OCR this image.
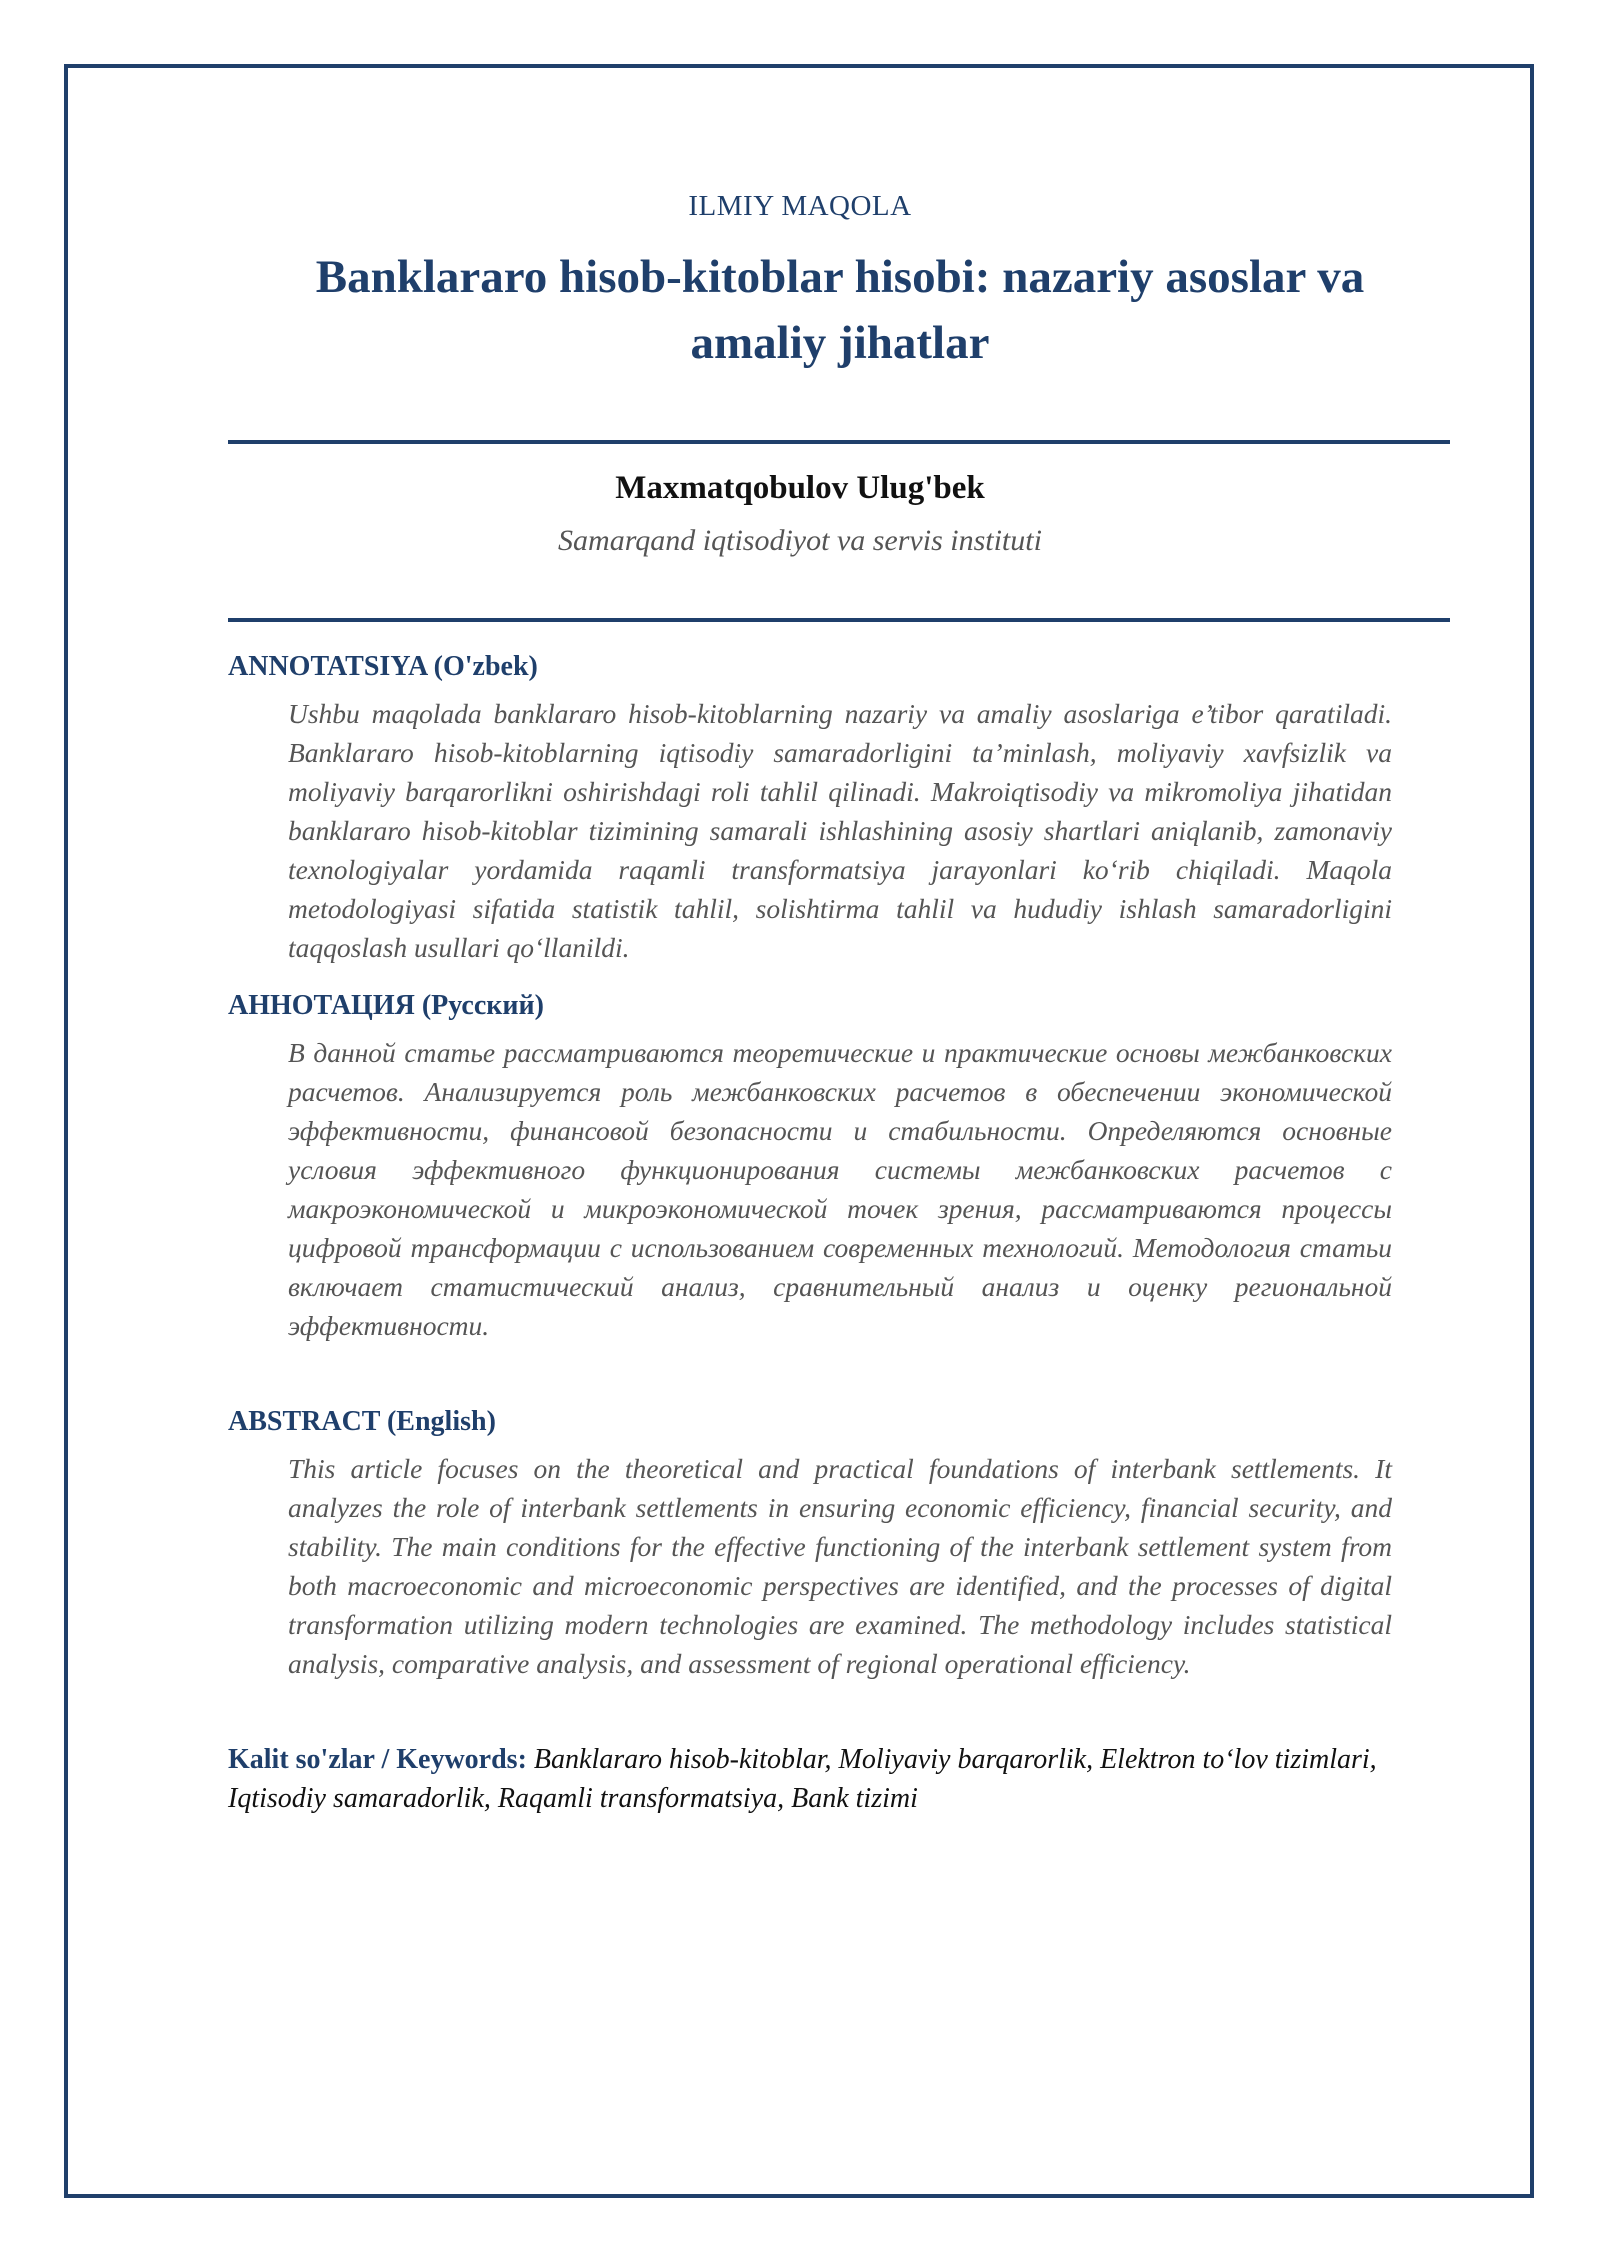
ILMIY MAQOLA
Banklararo hisob-kitoblar hisobi: nazariy asoslar va amaliy jihatlar
Maxmatqobulov Ulug'bek
Samarqand iqtisodiyot va servis instituti
ANNOTATSIYA (O'zbek)

Ushbu maqolada banklararo hisob-kitoblarning nazariy va amaliy asoslariga e’tibor qaratiladi. Banklararo hisob-kitoblarning iqtisodiy samaradorligini ta’minlash, moliyaviy xavfsizlik va moliyaviy barqarorlikni oshirishdagi roli tahlil qilinadi. Makroiqtisodiy va mikromoliya jihatidan banklararo hisob-kitoblar tizimining samarali ishlashining asosiy shartlari aniqlanib, zamonaviy texnologiyalar yordamida raqamli transformatsiya jarayonlari ko‘rib chiqiladi. Maqola metodologiyasi sifatida statistik tahlil, solishtirma tahlil va hududiy ishlash samaradorligini taqqoslash usullari qo‘llanildi.

АННОТАЦИЯ (Русский)

В данной статье рассматриваются теоретические и практические основы межбанковских расчетов. Анализируется роль межбанковских расчетов в обеспечении экономической эффективности, финансовой безопасности и стабильности. Определяются основные условия эффективного функционирования системы межбанковских расчетов с макроэкономической и микроэкономической точек зрения, рассматриваются процессы цифровой трансформации с использованием современных технологий. Методология статьи включает статистический анализ, сравнительный анализ и оценку региональной эффективности.

ABSTRACT (English)

This article focuses on the theoretical and practical foundations of interbank settlements. It analyzes the role of interbank settlements in ensuring economic efficiency, financial security, and stability. The main conditions for the effective functioning of the interbank settlement system from both macroeconomic and microeconomic perspectives are identified, and the processes of digital transformation utilizing modern technologies are examined. The methodology includes statistical analysis, comparative analysis, and assessment of regional operational efficiency.

Kalit so'zlar / Keywords: Banklararo hisob-kitoblar, Moliyaviy barqarorlik, Elektron to‘lov tizimlari, Iqtisodiy samaradorlik, Raqamli transformatsiya, Bank tizimi
